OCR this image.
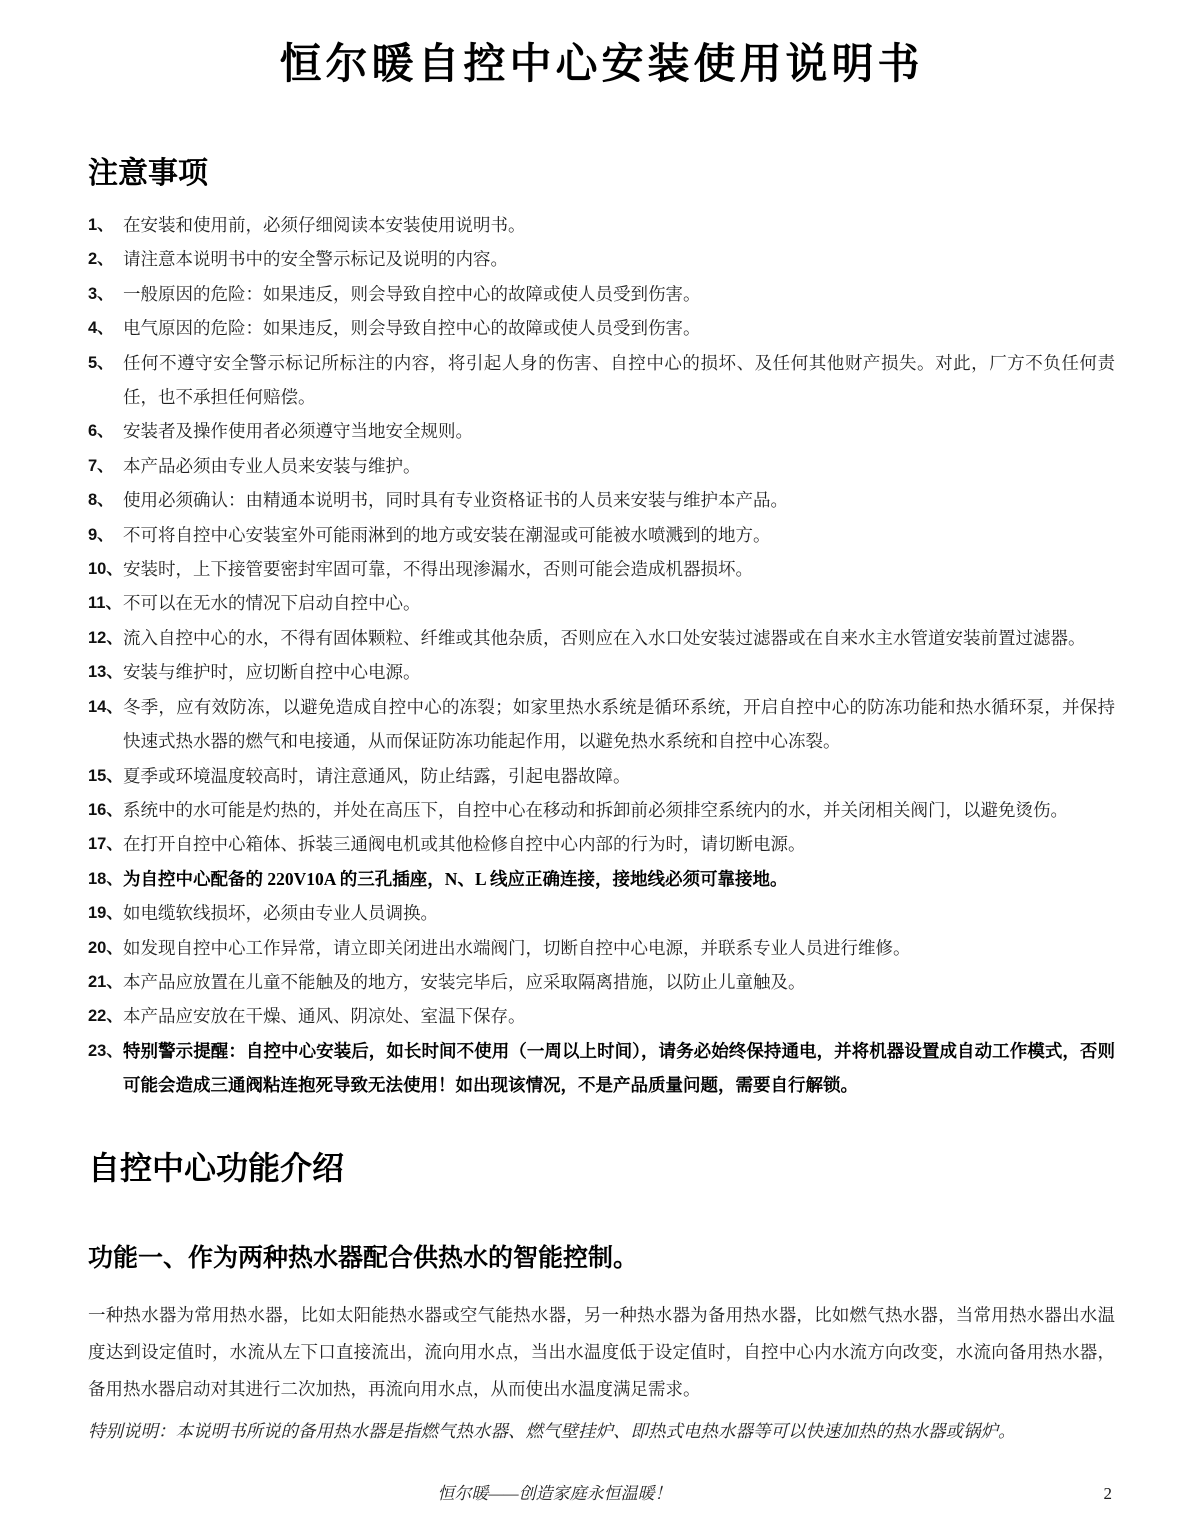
恒尔暖自控中心安装使用说明书
注意事项
1、 在安装和使用前，必须仔细阅读本安装使用说明书。
2、 请注意本说明书中的安全警示标记及说明的内容。
3、 一般原因的危险：如果违反，则会导致自控中心的故障或使人员受到伤害。
4、 电气原因的危险：如果违反，则会导致自控中心的故障或使人员受到伤害。
5、 任何不遵守安全警示标记所标注的内容，将引起人身的伤害、自控中心的损坏、及任何其他财产损失。对此，厂方不负任何责任，也不承担任何赔偿。
6、 安装者及操作使用者必须遵守当地安全规则。
7、 本产品必须由专业人员来安装与维护。
8、 使用必须确认：由精通本说明书，同时具有专业资格证书的人员来安装与维护本产品。
9、 不可将自控中心安装室外可能雨淋到的地方或安装在潮湿或可能被水喷溅到的地方。
10、 安装时，上下接管要密封牢固可靠，不得出现渗漏水，否则可能会造成机器损坏。
11、 不可以在无水的情况下启动自控中心。
12、 流入自控中心的水，不得有固体颗粒、纤维或其他杂质，否则应在入水口处安装过滤器或在自来水主水管道安装前置过滤器。
13、 安装与维护时，应切断自控中心电源。
14、 冬季，应有效防冻，以避免造成自控中心的冻裂；如家里热水系统是循环系统，开启自控中心的防冻功能和热水循环泵，并保持快速式热水器的燃气和电接通，从而保证防冻功能起作用，以避免热水系统和自控中心冻裂。
15、 夏季或环境温度较高时，请注意通风，防止结露，引起电器故障。
16、 系统中的水可能是灼热的，并处在高压下，自控中心在移动和拆卸前必须排空系统内的水，并关闭相关阀门，以避免烫伤。
17、 在打开自控中心箱体、拆装三通阀电机或其他检修自控中心内部的行为时，请切断电源。
18、 为自控中心配备的 220V10A 的三孔插座，N、L 线应正确连接，接地线必须可靠接地。
19、 如电缆软线损坏，必须由专业人员调换。
20、 如发现自控中心工作异常，请立即关闭进出水端阀门，切断自控中心电源，并联系专业人员进行维修。
21、 本产品应放置在儿童不能触及的地方，安装完毕后，应采取隔离措施，以防止儿童触及。
22、 本产品应安放在干燥、通风、阴凉处、室温下保存。
23、 特别警示提醒：自控中心安装后，如长时间不使用（一周以上时间），请务必始终保持通电，并将机器设置成自动工作模式，否则可能会造成三通阀粘连抱死导致无法使用！如出现该情况，不是产品质量问题，需要自行解锁。
自控中心功能介绍
功能一、作为两种热水器配合供热水的智能控制。

一种热水器为常用热水器，比如太阳能热水器或空气能热水器，另一种热水器为备用热水器，比如燃气热水器，当常用热水器出水温度达到设定值时，水流从左下口直接流出，流向用水点，当出水温度低于设定值时，自控中心内水流方向改变，水流向备用热水器，备用热水器启动对其进行二次加热，再流向用水点，从而使出水温度满足需求。

特别说明：本说明书所说的备用热水器是指燃气热水器、燃气壁挂炉、即热式电热水器等可以快速加热的热水器或锅炉。

恒尔暖——创造家庭永恒温暖！	2
